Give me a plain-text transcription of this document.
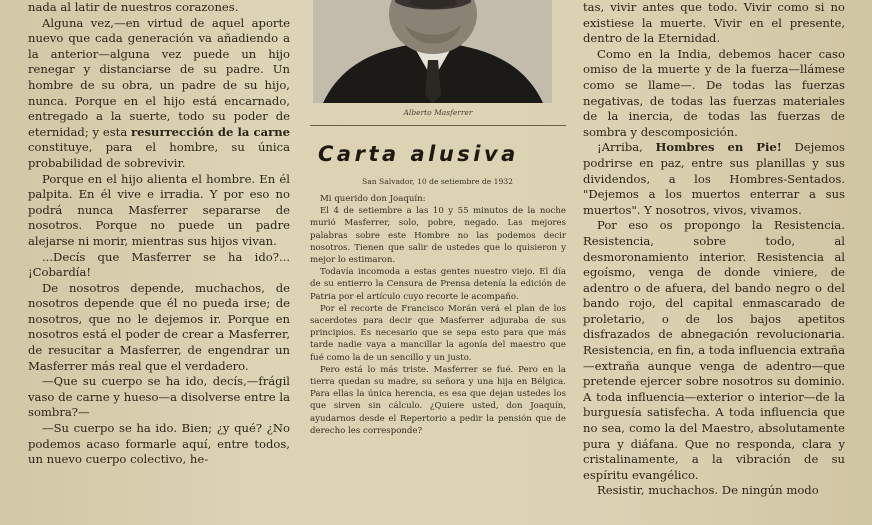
nada al latir de nuestros corazones.

Alguna vez,—en virtud de aquel aporte nuevo que cada generación va añadiendo a la anterior—alguna vez puede un hijo renegar y distanciarse de su padre. Un hombre de su obra, un padre de su hijo, nunca. Porque en el hijo está encarnado, entregado a la suerte, todo su poder de eternidad; y esta resurrección de la carne constituye, para el hombre, su única probabilidad de sobrevivir.

Porque en el hijo alienta el hombre. En él palpita. En él vive e irradia. Y por eso no podrá nunca Masferrer separarse de nosotros. Porque no puede un padre alejarse ni morir, mientras sus hijos vivan.

...Decís que Masferrer se ha ido?... ¡Cobardía!

De nosotros depende, muchachos, de nosotros depende que él no pueda irse; de nosotros, que no le dejemos ir. Porque en nosotros está el poder de crear a Masferrer, de resucitar a Masferrer, de engendrar un Masferrer más real que el verdadero.

—Que su cuerpo se ha ido, decís,—frágil vaso de carne y hueso—a disolverse entre la sombra?—

—Su cuerpo se ha ido. Bien; ¿y qué? ¿No podemos acaso formarle aquí, entre todos, un nuevo cuerpo colectivo, he-

Alberto Masferrer
Carta alusiva
San Salvador, 10 de setiembre de 1932

Mi querido don Joaquín:

El 4 de setiembre a las 10 y 55 minutos de la noche murió Masferrer, solo, pobre, negado. Las mejores palabras sobre este Hombre no las podemos decir nosotros. Tienen que salir de ustedes que lo quisieron y mejor lo estimaron.

Todavía incomoda a estas gentes nuestro viejo. El día de su entierro la Censura de Prensa detenía la edición de Patria por el artículo cuyo recorte le acompaño.

Por el recorte de Francisco Morán verá el plan de los sacerdotes para decir que Masferrer adjuraba de sus principios. Es necesario que se sepa esto para que más tarde nadie vaya a mancillar la agonía del maestro que fué como la de un sencillo y un justo.

Pero está lo más triste. Masferrer se fué. Pero en la tierra quedan su madre, su señora y una hija en Bélgica. Para ellas la única herencia, es esa que dejan ustedes los que sirven sin cálculo. ¿Quiere usted, don Joaquín, ayudarnos desde el Repertorio a pedir la pensión que de derecho les corresponde?

tas, vivir antes que todo. Vivir como si no existiese la muerte. Vivir en el presente, dentro de la Eternidad.

Como en la India, debemos hacer caso omiso de la muerte y de la fuerza—llámese como se llame—. De todas las fuerzas negativas, de todas las fuerzas materiales de la inercia, de todas las fuerzas de sombra y descomposición.

¡Arriba, Hombres en Pie! Dejemos podrirse en paz, entre sus planillas y sus dividendos, a los Hombres-Sentados. "Dejemos a los muertos enterrar a sus muertos". Y nosotros, vivos, vivamos.

Por eso os propongo la Resistencia. Resistencia, sobre todo, al desmoronamiento interior. Resistencia al egoísmo, venga de donde viniere, de adentro o de afuera, del bando negro o del bando rojo, del capital enmascarado de proletario, o de los bajos apetitos disfrazados de abnegación revolucionaria. Resistencia, en fin, a toda influencia extraña—extraña aunque venga de adentro—que pretende ejercer sobre nosotros su dominio. A toda influencia—exterior o interior—de la burguesía satisfecha. A toda influencia que no sea, como la del Maestro, absolutamente pura y diáfana. Que no responda, clara y cristalinamente, a la vibración de su espíritu evangélico.

Resistir, muchachos. De ningún modo
